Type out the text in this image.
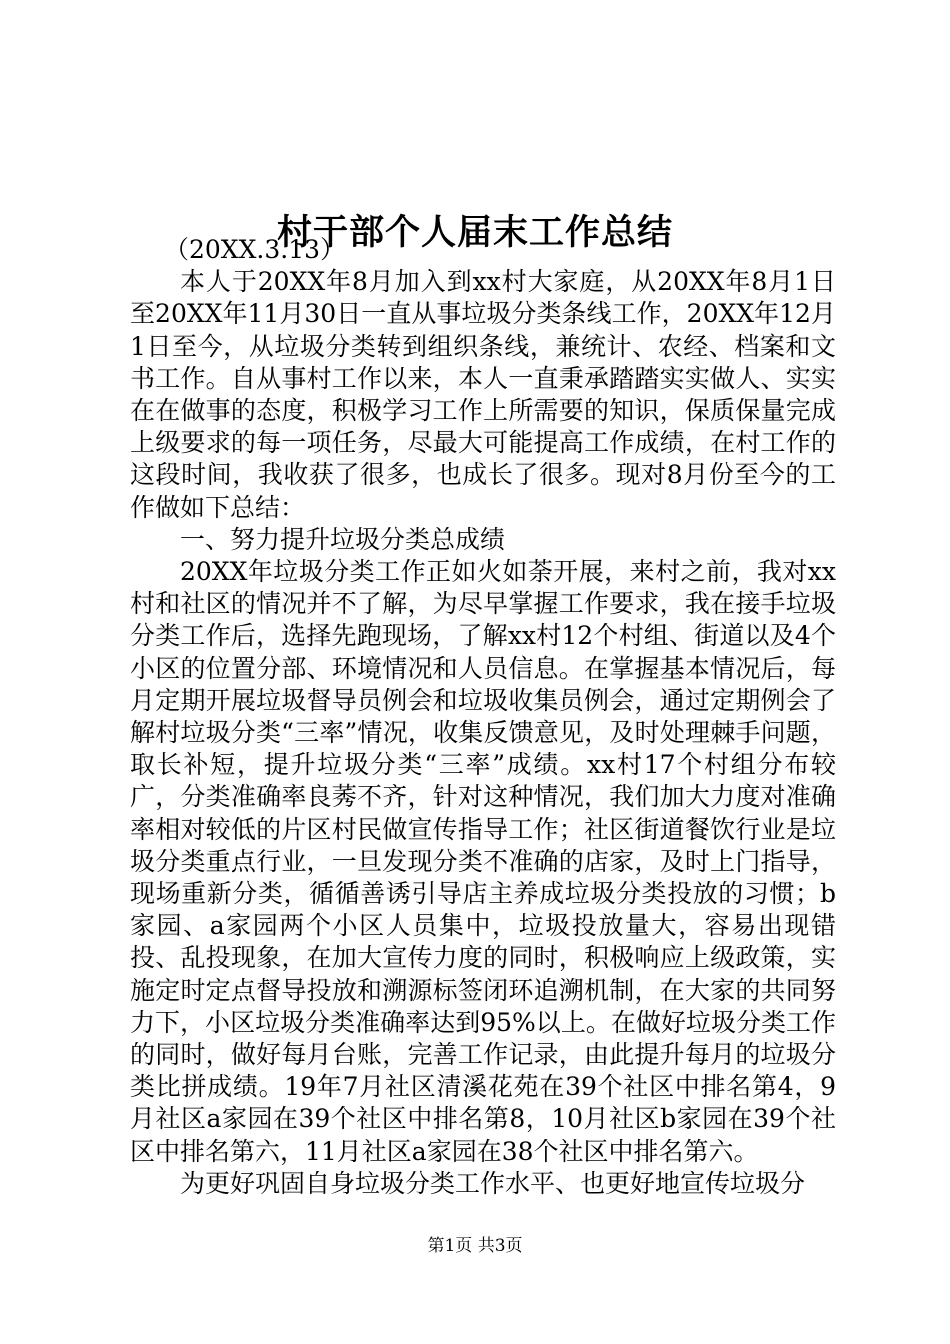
村干部个人届末工作总结

（20XX.3.13）

本人于20XX年8月加入到xx村大家庭，从20XX年8月1日至20XX年11月30日一直从事垃圾分类条线工作，20XX年12月1日至今，从垃圾分类转到组织条线，兼统计、农经、档案和文书工作。自从事村工作以来，本人一直秉承踏踏实实做人、实实在在做事的态度，积极学习工作上所需要的知识，保质保量完成上级要求的每一项任务，尽最大可能提高工作成绩，在村工作的这段时间，我收获了很多，也成长了很多。现对8月份至今的工作做如下总结：

一、努力提升垃圾分类总成绩

20XX年垃圾分类工作正如火如荼开展，来村之前，我对xx村和社区的情况并不了解，为尽早掌握工作要求，我在接手垃圾分类工作后，选择先跑现场，了解xx村12个村组、街道以及4个小区的位置分部、环境情况和人员信息。在掌握基本情况后，每月定期开展垃圾督导员例会和垃圾收集员例会，通过定期例会了解村垃圾分类“三率”情况，收集反馈意见，及时处理棘手问题，取长补短，提升垃圾分类“三率”成绩。xx村17个村组分布较广，分类准确率良莠不齐，针对这种情况，我们加大力度对准确率相对较低的片区村民做宣传指导工作；社区街道餐饮行业是垃圾分类重点行业，一旦发现分类不准确的店家，及时上门指导，现场重新分类，循循善诱引导店主养成垃圾分类投放的习惯；b家园、a家园两个小区人员集中，垃圾投放量大，容易出现错投、乱投现象，在加大宣传力度的同时，积极响应上级政策，实施定时定点督导投放和溯源标签闭环追溯机制，在大家的共同努力下，小区垃圾分类准确率达到95%以上。在做好垃圾分类工作的同时，做好每月台账，完善工作记录，由此提升每月的垃圾分类比拼成绩。19年7月社区清溪花苑在39个社区中排名第4，9月社区a家园在39个社区中排名第8，10月社区b家园在39个社区中排名第六，11月社区a家园在38个社区中排名第六。

为更好巩固自身垃圾分类工作水平、也更好地宣传垃圾分

第1页 共3页
